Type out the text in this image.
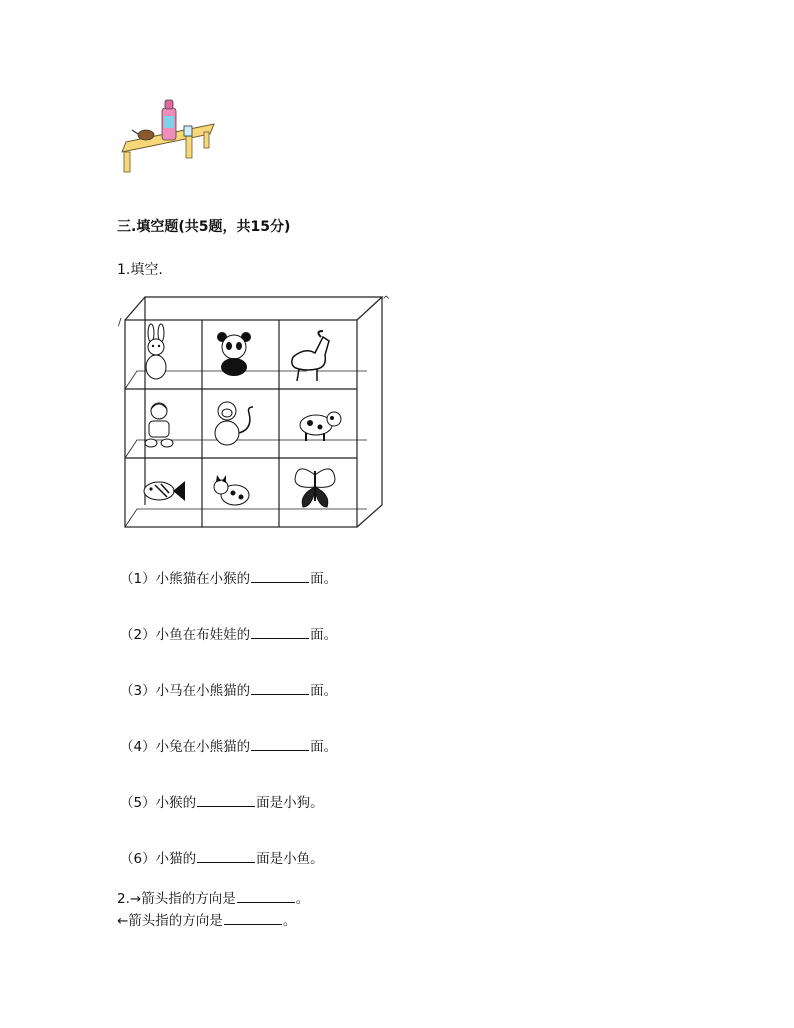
三.填空题(共5题，共15分)
1.填空.
/
^
（1）小熊猫在小猴的	面。
（2）小鱼在布娃娃的	面。
（3）小马在小熊猫的	面。
（4）小兔在小熊猫的	面。
（5）小猴的	面是小狗。
（6）小猫的	面是小鱼。
2.→箭头指的方向是	。
←箭头指的方向是	。
